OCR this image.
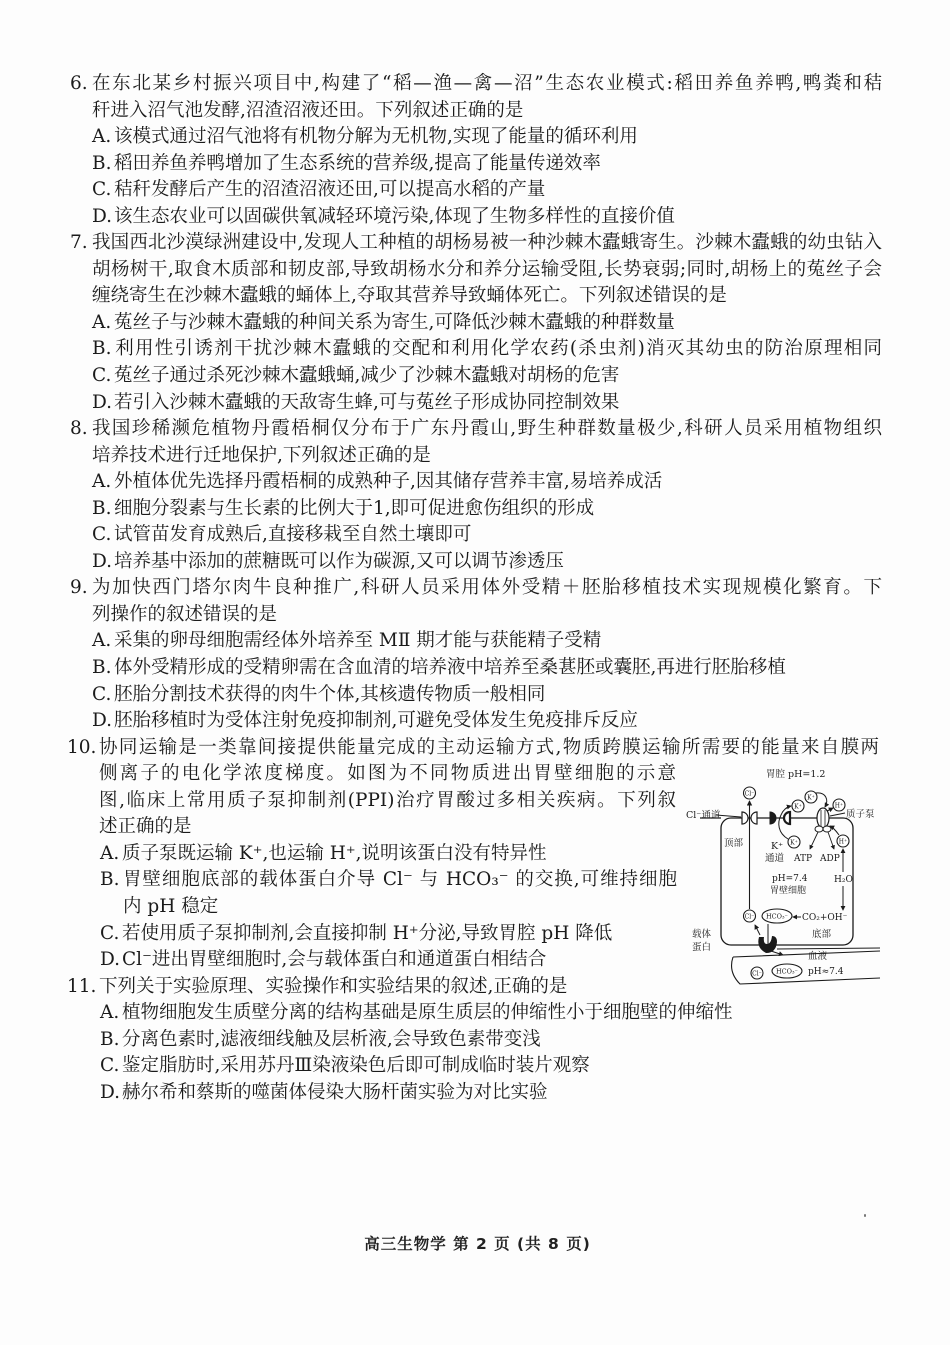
6. 在东北某乡村振兴项目中,构建了“稻—渔—禽—沼”生态农业模式:稻田养鱼养鸭,鸭粪和秸
秆进入沼气池发酵,沼渣沼液还田。下列叙述正确的是
A. 该模式通过沼气池将有机物分解为无机物,实现了能量的循环利用
B. 稻田养鱼养鸭增加了生态系统的营养级,提高了能量传递效率
C. 秸秆发酵后产生的沼渣沼液还田,可以提高水稻的产量
D. 该生态农业可以固碳供氧减轻环境污染,体现了生物多样性的直接价值
7. 我国西北沙漠绿洲建设中,发现人工种植的胡杨易被一种沙棘木蠹蛾寄生。沙棘木蠹蛾的幼虫钻入
胡杨树干,取食木质部和韧皮部,导致胡杨水分和养分运输受阻,长势衰弱;同时,胡杨上的菟丝子会
缠绕寄生在沙棘木蠹蛾的蛹体上,夺取其营养导致蛹体死亡。下列叙述错误的是
A. 菟丝子与沙棘木蠹蛾的种间关系为寄生,可降低沙棘木蠹蛾的种群数量
B. 利用性引诱剂干扰沙棘木蠹蛾的交配和利用化学农药(杀虫剂)消灭其幼虫的防治原理相同
C. 菟丝子通过杀死沙棘木蠹蛾蛹,减少了沙棘木蠹蛾对胡杨的危害
D. 若引入沙棘木蠹蛾的天敌寄生蜂,可与菟丝子形成协同控制效果
8. 我国珍稀濒危植物丹霞梧桐仅分布于广东丹霞山,野生种群数量极少,科研人员采用植物组织
培养技术进行迁地保护,下列叙述正确的是
A. 外植体优先选择丹霞梧桐的成熟种子,因其储存营养丰富,易培养成活
B. 细胞分裂素与生长素的比例大于1,即可促进愈伤组织的形成
C. 试管苗发育成熟后,直接移栽至自然土壤即可
D. 培养基中添加的蔗糖既可以作为碳源,又可以调节渗透压
9. 为加快西门塔尔肉牛良种推广,科研人员采用体外受精＋胚胎移植技术实现规模化繁育。下
列操作的叙述错误的是
A. 采集的卵母细胞需经体外培养至 MⅡ 期才能与获能精子受精
B. 体外受精形成的受精卵需在含血清的培养液中培养至桑葚胚或囊胚,再进行胚胎移植
C. 胚胎分割技术获得的肉牛个体,其核遗传物质一般相同
D. 胚胎移植时为受体注射免疫抑制剂,可避免受体发生免疫排斥反应
10. 协同运输是一类靠间接提供能量完成的主动运输方式,物质跨膜运输所需要的能量来自膜两
侧离子的电化学浓度梯度。如图为不同物质进出胃壁细胞的示意
图,临床上常用质子泵抑制剂(PPI)治疗胃酸过多相关疾病。下列叙
述正确的是
A. 质子泵既运输 K⁺,也运输 H⁺,说明该蛋白没有特异性
B. 胃壁细胞底部的载体蛋白介导 Cl⁻ 与 HCO₃⁻ 的交换,可维持细胞
内 pH 稳定
C. 若使用质子泵抑制剂,会直接抑制 H⁺分泌,导致胃腔 pH 降低
D. Cl⁻进出胃壁细胞时,会与载体蛋白和通道蛋白相结合
11. 下列关于实验原理、实验操作和实验结果的叙述,正确的是
A. 植物细胞发生质壁分离的结构基础是原生质层的伸缩性小于细胞壁的伸缩性
B. 分离色素时,滤液细线触及层析液,会导致色素带变浅
C. 鉴定脂肪时,采用苏丹Ⅲ染液染色后即可制成临时装片观察
D. 赫尔希和蔡斯的噬菌体侵染大肠杆菌实验为对比实验
胃腔 pH=1.2
Cl⁻
Cl⁻通道
K⁺
K⁺
K⁺
K⁺
通道
H⁺
H⁺
质子泵
ATP ADP
顶部
pH=7.4
胃壁细胞
H₂O
Cl⁻ HCO₃⁻ CO₂+OH⁻
底部
载体
蛋白
血液
pH≈7.4
Cl⁻ HCO₃⁻
高三生物学 第 2 页 (共 8 页)
